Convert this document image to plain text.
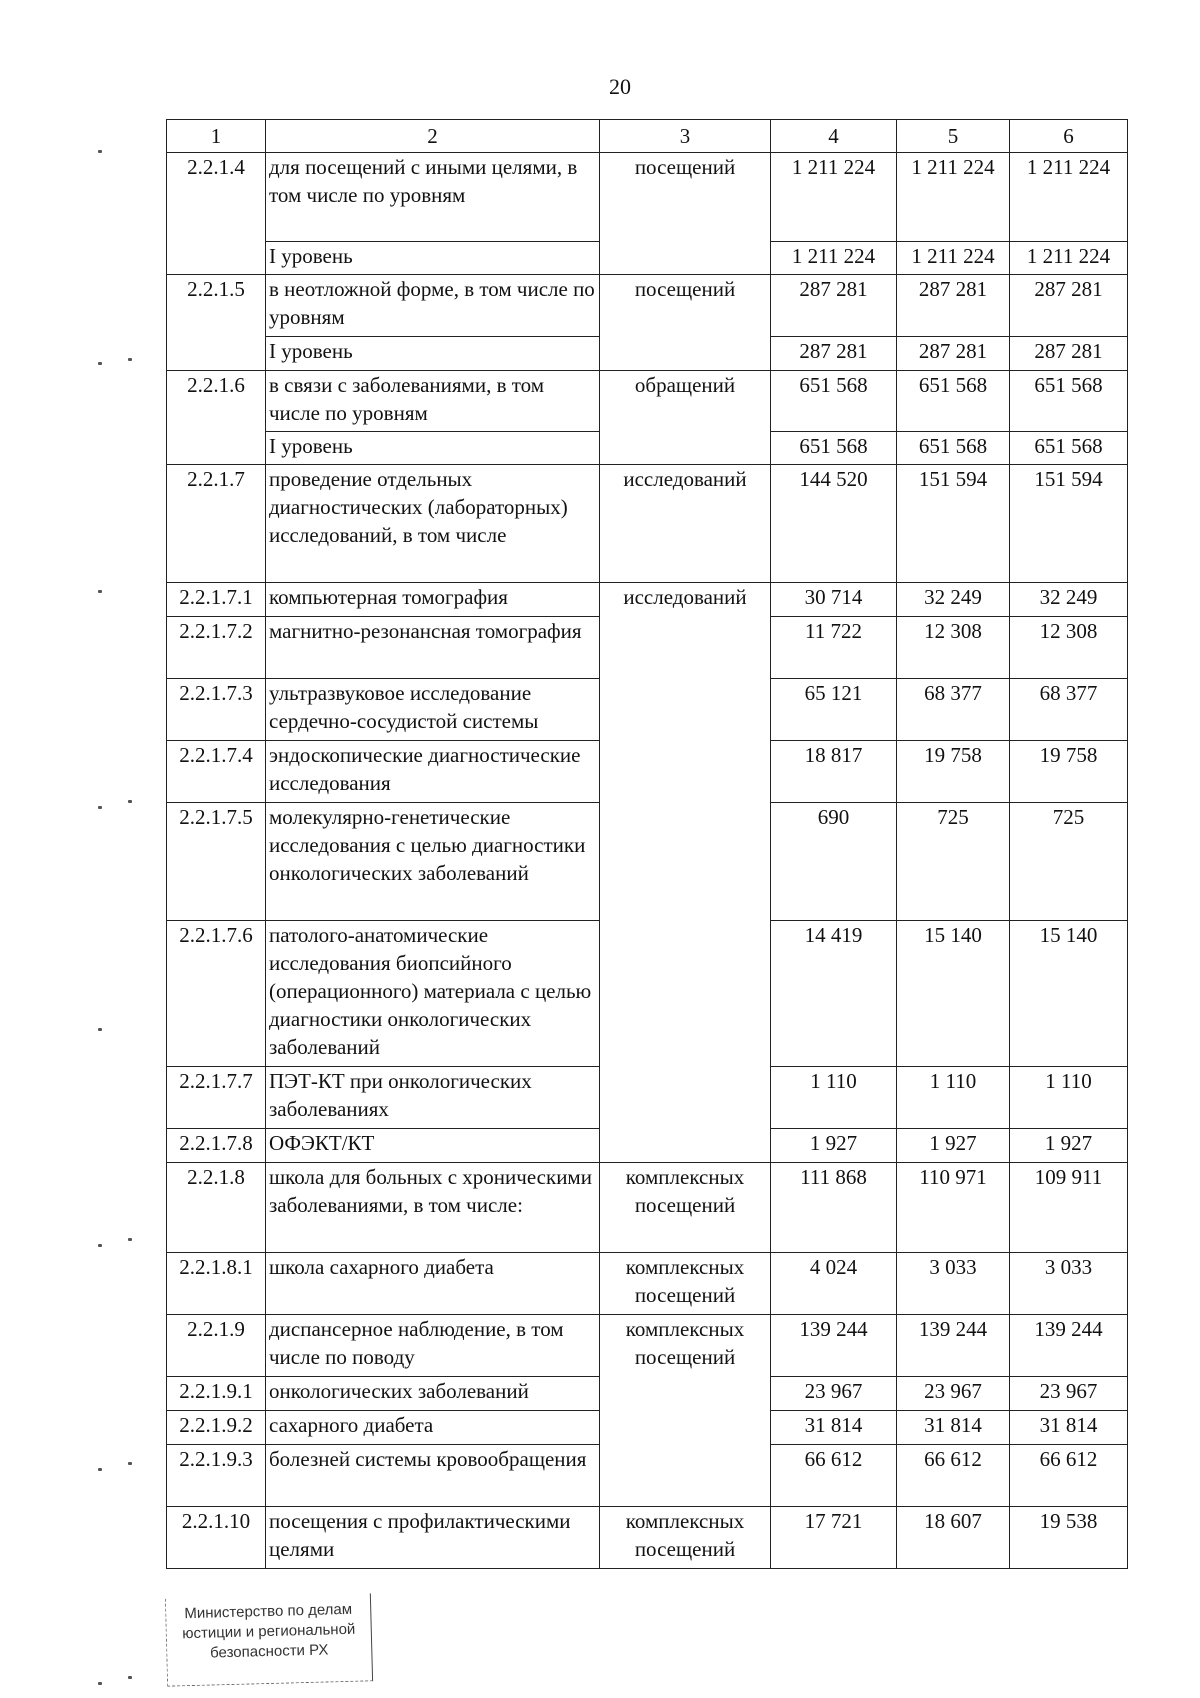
20
1	2	3	4	5	6
2.2.1.4	для посещений с иными целями, в том числе по уровням	посещений	1 211 224	1 211 224	1 211 224
	I уровень		1 211 224	1 211 224	1 211 224
2.2.1.5	в неотложной форме, в том числе по уровням	посещений	287 281	287 281	287 281
	I уровень		287 281	287 281	287 281
2.2.1.6	в связи с заболеваниями, в том числе по уровням	обращений	651 568	651 568	651 568
	I уровень		651 568	651 568	651 568
2.2.1.7	проведение отдельных диагностических (лабораторных) исследований, в том числе	исследований	144 520	151 594	151 594
2.2.1.7.1	компьютерная томография	исследований	30 714	32 249	32 249
2.2.1.7.2	магнитно-резонансная томография		11 722	12 308	12 308
2.2.1.7.3	ультразвуковое исследование сердечно-сосудистой системы		65 121	68 377	68 377
2.2.1.7.4	эндоскопические диагностические исследования		18 817	19 758	19 758
2.2.1.7.5	молекулярно-генетические исследования с целью диагностики онкологических заболеваний		690	725	725
2.2.1.7.6	патолого-анатомические исследования биопсийного (операционного) материала с целью диагностики онкологических заболеваний		14 419	15 140	15 140
2.2.1.7.7	ПЭТ-КТ при онкологических заболеваниях		1 110	1 110	1 110
2.2.1.7.8	ОФЭКТ/КТ		1 927	1 927	1 927
2.2.1.8	школа для больных с хроническими заболеваниями, в том числе:	комплексных посещений	111 868	110 971	109 911
2.2.1.8.1	школа сахарного диабета	комплексных посещений	4 024	3 033	3 033
2.2.1.9	диспансерное наблюдение, в том числе по поводу	комплексных посещений	139 244	139 244	139 244
2.2.1.9.1	онкологических заболеваний		23 967	23 967	23 967
2.2.1.9.2	сахарного диабета		31 814	31 814	31 814
2.2.1.9.3	болезней системы кровообращения		66 612	66 612	66 612
2.2.1.10	посещения с профилактическими целями	комплексных посещений	17 721	18 607	19 538
Министерство по делам
юстиции и региональной
безопасности РХ
